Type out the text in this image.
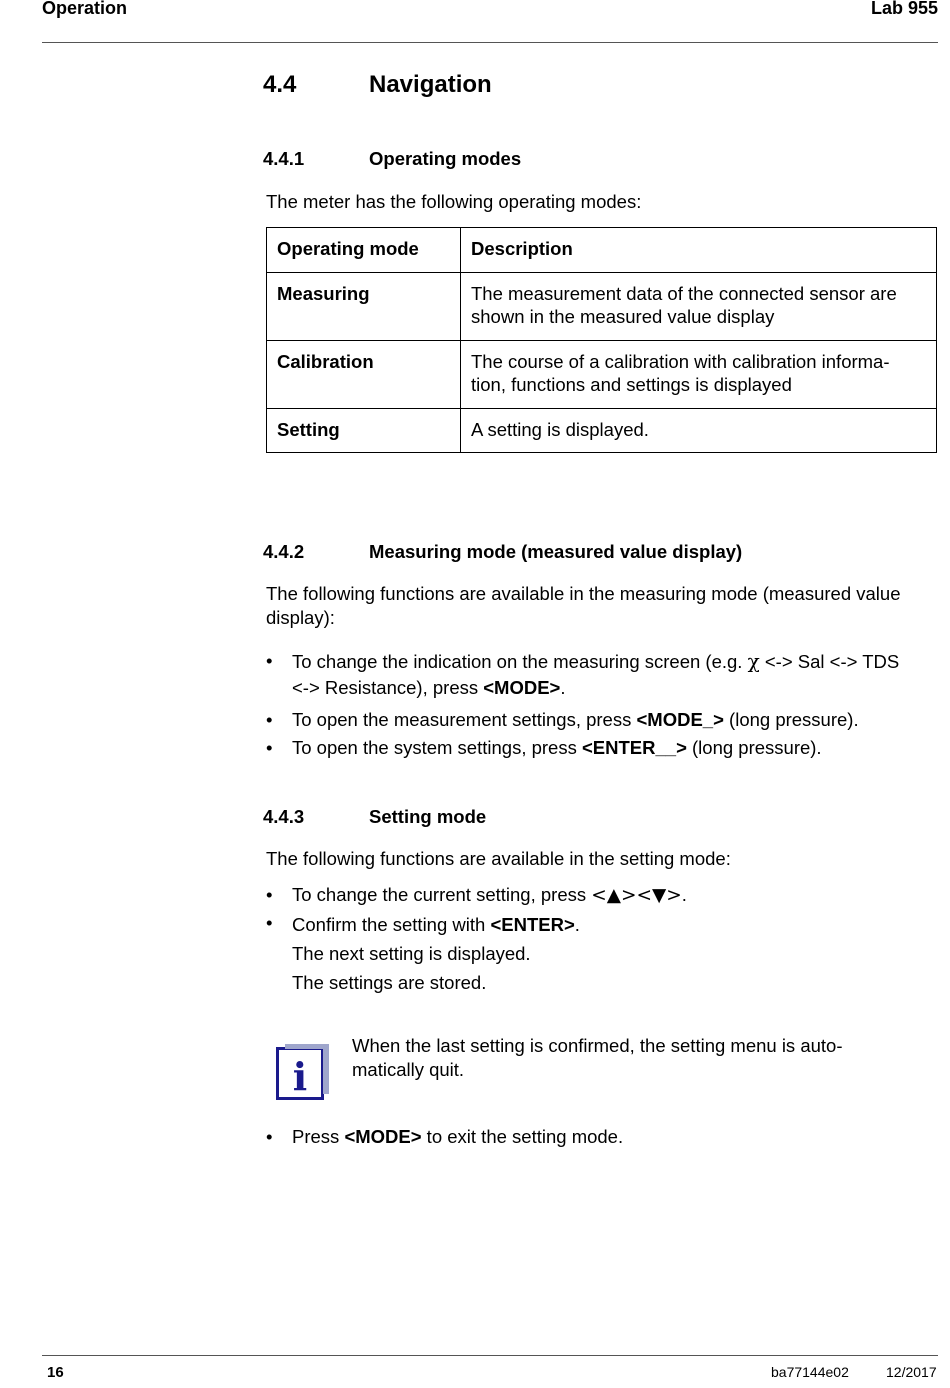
Operation	Lab 955
4.4	Navigation
4.4.1	Operating modes
The meter has the following operating modes:
Operating mode	Description
Measuring	The measurement data of the connected sensor are
shown in the measured value display
Calibration	The course of a calibration with calibration informa-
tion, functions and settings is displayed
Setting	A setting is displayed.
4.4.2	Measuring mode (measured value display)
The following functions are available in the measuring mode (measured value
display):
• To change the indication on the measuring screen (e.g. χ <-> Sal <-> TDS
<-> Resistance), press <MODE>.
• To open the measurement settings, press <MODE_> (long pressure).
• To open the system settings, press <ENTER__> (long pressure).
4.4.3	Setting mode
The following functions are available in the setting mode:
• To change the current setting, press <▲><▼>.
• Confirm the setting with <ENTER>.
The next setting is displayed.
The settings are stored.
i
When the last setting is confirmed, the setting menu is auto-
matically quit.
• Press <MODE> to exit the setting mode.
16	ba77144e02	12/2017
